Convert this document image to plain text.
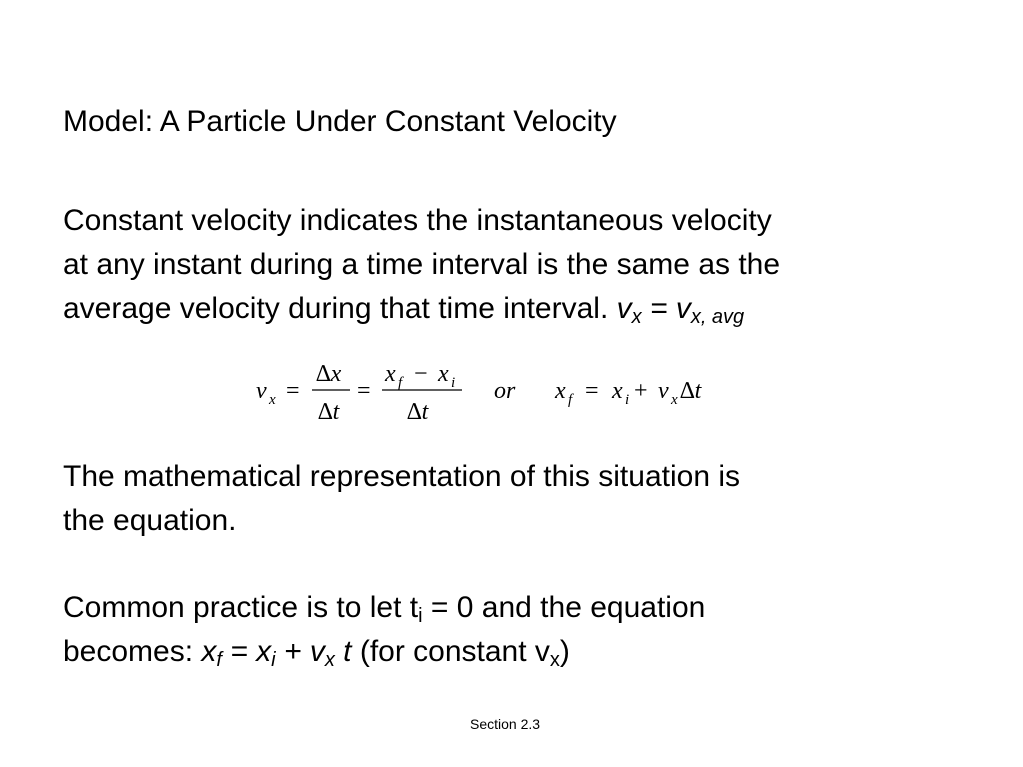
Model: A Particle Under Constant Velocity
Constant velocity indicates the instantaneous velocity
at any instant during a time interval is the same as the
average velocity during that time interval. $v_x = v_{x, avg}$
v x =
∆x
∆t
=
x f − x i
∆t
or x f = x i + v x ∆t
The mathematical representation of this situation is
the equation.
Common practice is to let $t_i = 0$ and the equation
becomes: $x_f = x_i + v_x$ t (for constant $v_x$)
Section 2.3
